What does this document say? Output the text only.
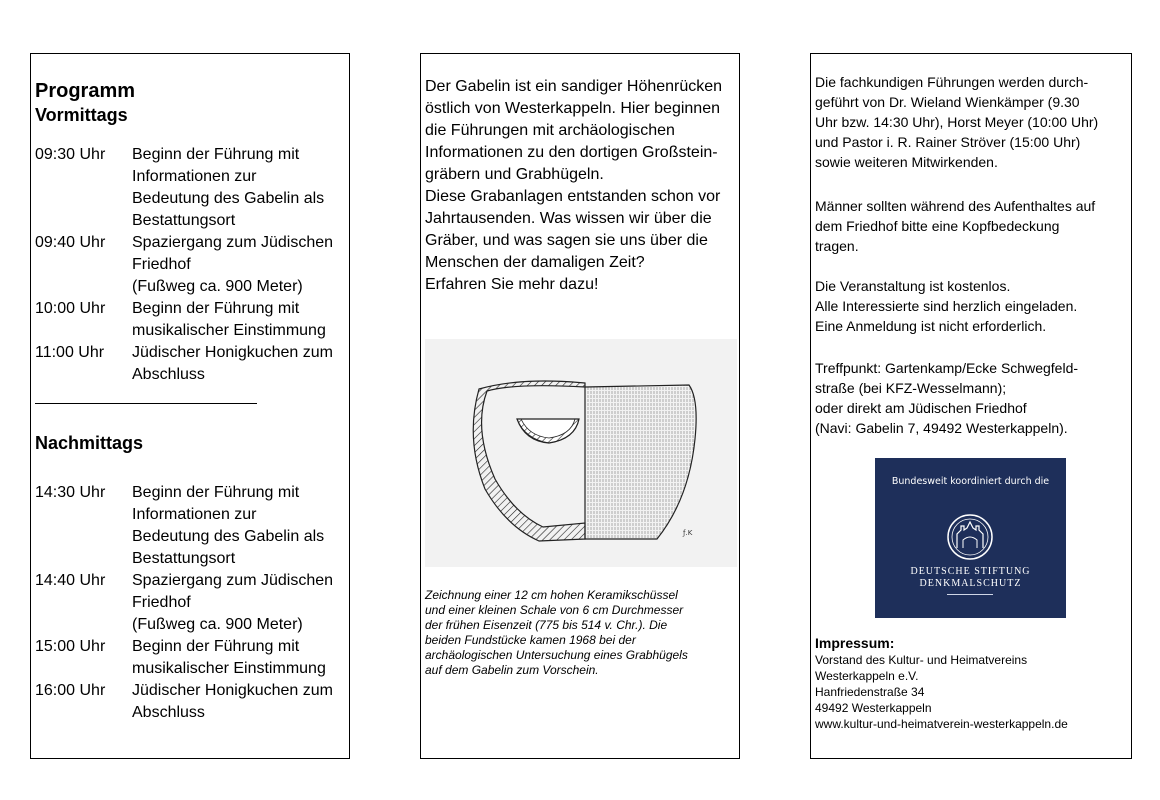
Programm
Vormittags
09:30 Uhr	Beginn der Führung mit
Informationen zur
Bedeutung des Gabelin als
Bestattungsort
09:40 Uhr	Spaziergang zum Jüdischen
Friedhof
(Fußweg ca. 900 Meter)
10:00 Uhr	Beginn der Führung mit
musikalischer Einstimmung
11:00 Uhr	Jüdischer Honigkuchen zum
Abschluss
Nachmittags
14:30 Uhr	Beginn der Führung mit
Informationen zur
Bedeutung des Gabelin als
Bestattungsort
14:40 Uhr	Spaziergang zum Jüdischen
Friedhof
(Fußweg ca. 900 Meter)
15:00 Uhr	Beginn der Führung mit
musikalischer Einstimmung
16:00 Uhr	Jüdischer Honigkuchen zum
Abschluss

Der Gabelin ist ein sandiger Höhenrücken

östlich von Westerkappeln. Hier beginnen

die Führungen mit archäologischen

Informationen zu den dortigen Großstein-

gräbern und Grabhügeln.

Diese Grabanlagen entstanden schon vor

Jahrtausenden. Was wissen wir über die

Gräber, und was sagen sie uns über die

Menschen der damaligen Zeit?

Erfahren Sie mehr dazu!

ƒ.K

Zeichnung einer 12 cm hohen Keramikschüssel

und einer kleinen Schale von 6 cm Durchmesser

der frühen Eisenzeit (775 bis 514 v. Chr.). Die

beiden Fundstücke kamen 1968 bei der

archäologischen Untersuchung eines Grabhügels

auf dem Gabelin zum Vorschein.

Die fachkundigen Führungen werden durch-

geführt von Dr. Wieland Wienkämper (9.30

Uhr bzw. 14:30 Uhr), Horst Meyer (10:00 Uhr)

und Pastor i. R. Rainer Ströver (15:00 Uhr)

sowie weiteren Mitwirkenden.

Männer sollten während des Aufenthaltes auf

dem Friedhof bitte eine Kopfbedeckung

tragen.

Die Veranstaltung ist kostenlos.

Alle Interessierte sind herzlich eingeladen.

Eine Anmeldung ist nicht erforderlich.

Treffpunkt: Gartenkamp/Ecke Schwegfeld-

straße (bei KFZ-Wesselmann);

oder direkt am Jüdischen Friedhof

(Navi: Gabelin 7, 49492 Westerkappeln).

Bundesweit koordiniert durch die
DEUTSCHE STIFTUNG
DENKMALSCHUTZ
Impressum:

Vorstand des Kultur- und Heimatvereins

Westerkappeln e.V.

Hanfriedenstraße 34

49492 Westerkappeln

www.kultur-und-heimatverein-westerkappeln.de
